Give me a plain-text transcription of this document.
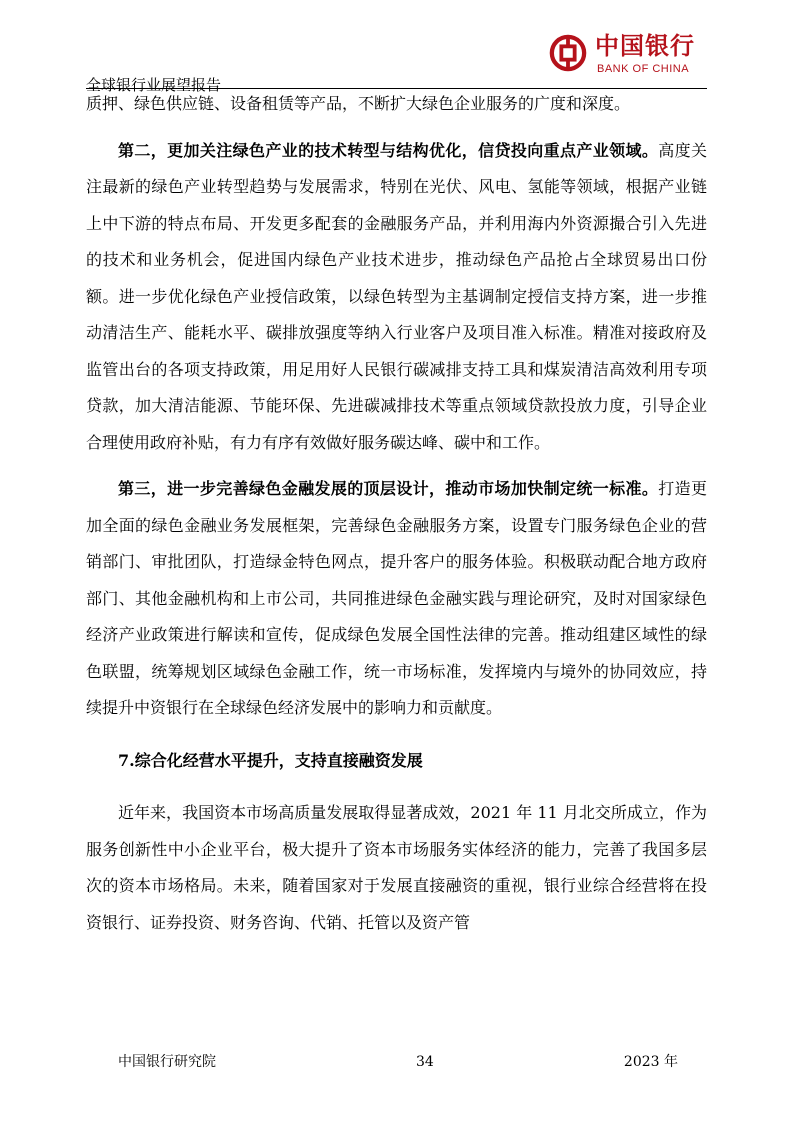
中国银行
BANK OF CHINA
全球银行业展望报告

质押、绿色供应链、设备租赁等产品，不断扩大绿色企业服务的广度和深度。

第二，更加关注绿色产业的技术转型与结构优化，信贷投向重点产业领域。高度关注最新的绿色产业转型趋势与发展需求，特别在光伏、风电、氢能等领域，根据产业链上中下游的特点布局、开发更多配套的金融服务产品，并利用海内外资源撮合引入先进的技术和业务机会，促进国内绿色产业技术进步，推动绿色产品抢占全球贸易出口份额。进一步优化绿色产业授信政策，以绿色转型为主基调制定授信支持方案，进一步推动清洁生产、能耗水平、碳排放强度等纳入行业客户及项目准入标准。精准对接政府及监管出台的各项支持政策，用足用好人民银行碳减排支持工具和煤炭清洁高效利用专项贷款，加大清洁能源、节能环保、先进碳减排技术等重点领域贷款投放力度，引导企业合理使用政府补贴，有力有序有效做好服务碳达峰、碳中和工作。

第三，进一步完善绿色金融发展的顶层设计，推动市场加快制定统一标准。打造更加全面的绿色金融业务发展框架，完善绿色金融服务方案，设置专门服务绿色企业的营销部门、审批团队，打造绿金特色网点，提升客户的服务体验。积极联动配合地方政府部门、其他金融机构和上市公司，共同推进绿色金融实践与理论研究，及时对国家绿色经济产业政策进行解读和宣传，促成绿色发展全国性法律的完善。推动组建区域性的绿色联盟，统筹规划区域绿色金融工作，统一市场标准，发挥境内与境外的协同效应，持续提升中资银行在全球绿色经济发展中的影响力和贡献度。

7.综合化经营水平提升，支持直接融资发展

近年来，我国资本市场高质量发展取得显著成效，2021 年 11 月北交所成立，作为服务创新性中小企业平台，极大提升了资本市场服务实体经济的能力，完善了我国多层次的资本市场格局。未来，随着国家对于发展直接融资的重视，银行业综合经营将在投资银行、证券投资、财务咨询、代销、托管以及资产管

中国银行研究院	34	2023 年
